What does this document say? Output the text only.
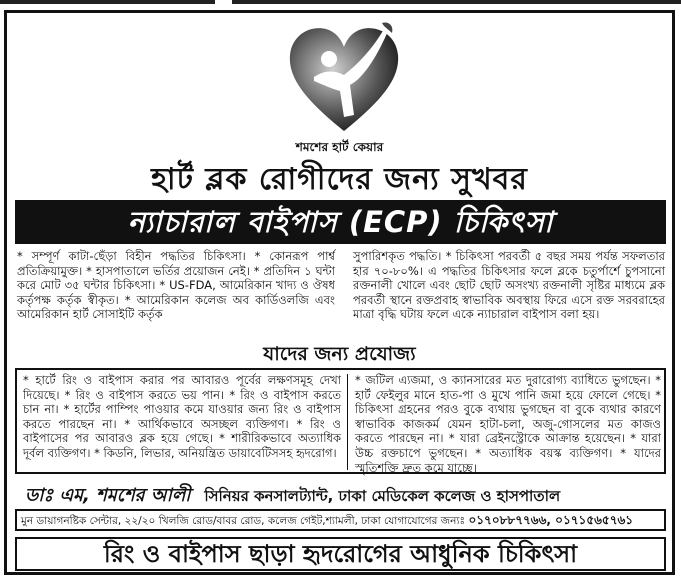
শমশের হার্ট কেয়ার
হার্ট ব্লক রোগীদের জন্য সুখবর
ন্যাচারাল বাইপাস (ECP) চিকিৎসা
* সম্পূর্ণ কাটা-ছেঁড়া বিহীন পদ্ধতির চিকিৎসা। * কোনরূপ পার্শ্ব প্রতিক্রিয়ামুক্ত। * হাসপাতালে ভর্তির প্রয়োজন নেই। * প্রতিদিন ১ ঘন্টা করে মোট ৩৫ ঘন্টার চিকিৎসা। * US-FDA, আমেরিকান খাদ্য ও ঔষধ কর্তৃপক্ষ কর্তৃক স্বীকৃত। * আমেরিকান কলেজ অব কার্ডিওলজি এবং আমেরিকান হার্ট সোসাইটি কর্তৃক
সুপারিশকৃত পদ্ধতি। * চিকিৎসা পরবর্তী ৫ বছর সময় পর্যন্ত সফলতার হার ৭০-৮০%। এ পদ্ধতির চিকিৎসার ফলে ব্লকে চতুর্পার্শে চুপসানো রক্তনালী খোলে এবং ছোট ছোট অসংখ্য রক্তনালী সৃষ্টির মাধ্যমে ব্লক পরবর্তী স্থানে রক্তপ্রবাহ স্বাভাবিক অবস্থায় ফিরে এসে রক্ত সরবরাহের মাত্রা বৃদ্ধি ঘটায় ফলে একে ন্যাচারাল বাইপাস বলা হয়।
যাদের জন্য প্রযোজ্য
* হার্টে রিং ও বাইপাস করার পর আবারও পূর্বের লক্ষণসমূহ দেখা দিয়েছে। * রিং ও বাইপাস করতে ভয় পান। * রিং ও বাইপাস করতে চান না। * হার্টের পাম্পিং পাওয়ার কমে যাওয়ার জন্য রিং ও বাইপাস করতে পারছেন না। * আর্থিকভাবে অসচ্ছল ব্যক্তিগণ। * রিং ও বাইপাসের পর আবারও ব্লক হয়ে গেছে। * শারীরিকভাবে অত্যাধিক দূর্বল ব্যক্তিগণ। * কিডনি, লিভার, অনিয়ন্ত্রিত ডায়াবেটিসসহ হৃদরোগ।
* জটিল এ্যজমা, ও ক্যানসারের মত দুরারোগ্য ব্যাধিতে ভুগছেন। * হার্ট ফেইলুর মানে হাত-পা ও মুখে পানি জমা হয়ে ফোলে গেছে। * চিকিৎসা গ্রহনের পরও বুকে ব্যথায় ভুগছেন বা বুকে ব্যথার কারণে স্বাভাবিক কাজকর্ম যেমন হাটা-চলা, অজু-গোসলের মত কাজও করতে পারছেন না। * যারা ব্রেইনস্ট্রোকে আক্রান্ত হয়েছেন। * যারা উচ্চ রক্তচাপে ভুগছেন। * অত্যাধিক বয়স্ক ব্যক্তিগণ। * যাদের স্মৃতিশক্তি দ্রুত কমে যাচ্ছে।
ডাঃ এম, শমশের আলী সিনিয়র কনসালট্যান্ট, ঢাকা মেডিকেল কলেজ ও হাসপাতাল
মুন ডায়াগনষ্টিক সেন্টার, ২২/২০ খিলজি রোড/বাবর রোড, কলেজ গেইট,শ্যামলী, ঢাকা যোগাযোগের জন্যঃ ০১৭০৮৮৭৭৬৬, ০১৭১৫৬৫৭৬১
রিং ও বাইপাস ছাড়া হৃদরোগের আধুনিক চিকিৎসা
